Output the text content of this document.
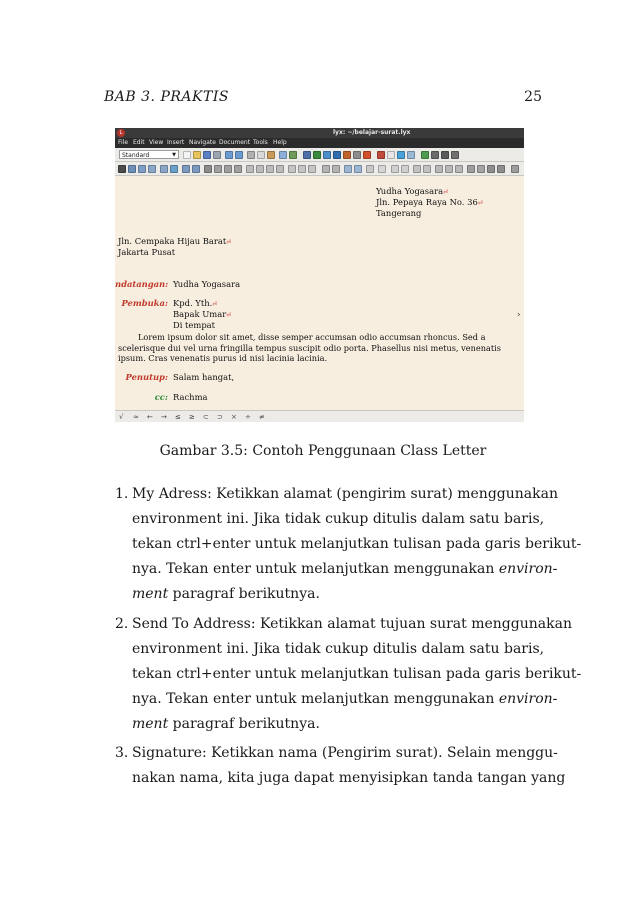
BAB 3. PRAKTIS	25
L	lyx: ~/belajar-surat.lyx
File Edit View Insert Navigate Document Tools Help
Standard	▼
Yudha Yogasara⏎
Jln. Pepaya Raya No. 36⏎
Tangerang
Jln. Cempaka Hijau Barat⏎
Jakarta Pusat
ndatangan: Yudha Yogasara
Pembuka: Kpd. Yth.⏎
Bapak Umar⏎
Di tempat
›
Lorem ipsum dolor sit amet, disse semper accumsan odio accumsan rhoncus. Sed a
scelerisque dui vel urna fringilla tempus suscipit odio porta. Phasellus nisi metus, venenatis
ipsum. Cras venenatis purus id nisi lacinia lacinia.
Penutup: Salam hangat,
cc: Rachma
√ ≈ ← → ≤ ≥ ⊂ ⊃ × ÷ ≠
Gambar 3.5: Contoh Penggunaan Class Letter
1. My Adress: Ketikkan alamat (pengirim surat) menggunakan
environment ini. Jika tidak cukup ditulis dalam satu baris,
tekan ctrl+enter untuk melanjutkan tulisan pada garis berikut-
nya. Tekan enter untuk melanjutkan menggunakan environ-
ment paragraf berikutnya.
2. Send To Address: Ketikkan alamat tujuan surat menggunakan
environment ini. Jika tidak cukup ditulis dalam satu baris,
tekan ctrl+enter untuk melanjutkan tulisan pada garis berikut-
nya. Tekan enter untuk melanjutkan menggunakan environ-
ment paragraf berikutnya.
3. Signature: Ketikkan nama (Pengirim surat). Selain menggu-
nakan nama, kita juga dapat menyisipkan tanda tangan yang
